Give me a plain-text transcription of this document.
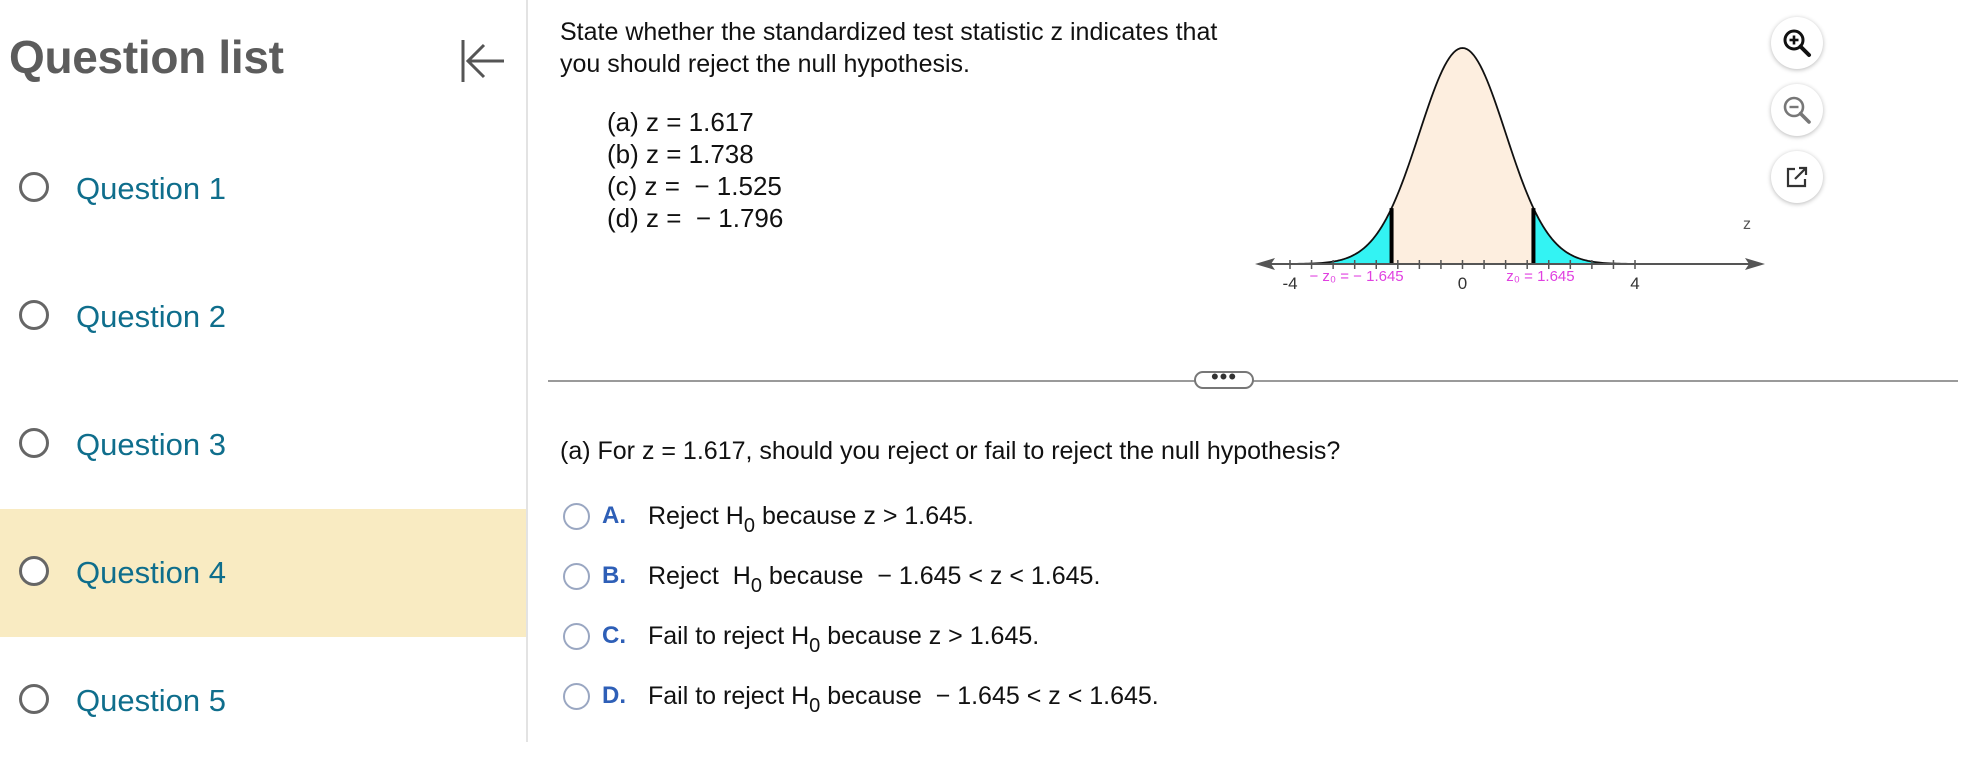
Question list
Question 1
Question 2
Question 3
Question 4
Question 5
State whether the standardized test statistic z indicates that
you should reject the null hypothesis.
(a) z = 1.617
(b) z = 1.738
(c) z =  − 1.525
(d) z =  − 1.796
-4	0	4
− z₀ = − 1.645	z₀ = 1.645
z
•••
(a) For z = 1.617, should you reject or fail to reject the null hypothesis?
A. Reject $H_0$ because z > 1.645.
B. Reject  $H_0$ because  − 1.645 < z < 1.645.
C. Fail to reject $H_0$ because z > 1.645.
D. Fail to reject $H_0$ because  − 1.645 < z < 1.645.
